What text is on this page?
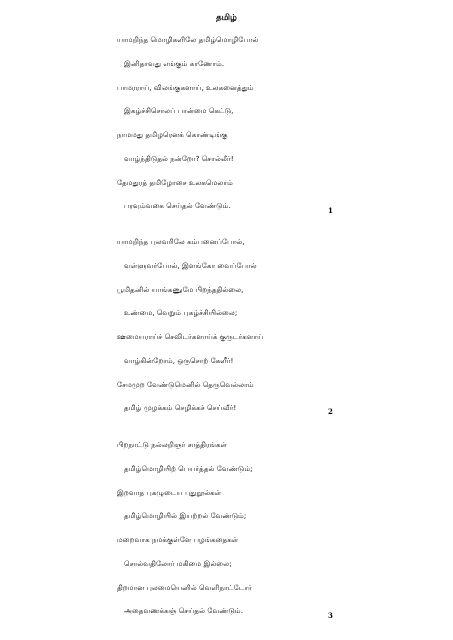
தமிழ்
யாமறிந்த மொழிகளிலே தமிழ்மொழிபோல்
இனிதாவது எங்கும் காணோம்.
பாமரராய், விலங்குகளாய், உலகனைத்தும்
இகழ்ச்சிசொலப் பான்மை கெட்டு,
நாமமது தமிழரெனக் கொண்டிங்கு
வாழ்ந்திடுதல் நன்றோ? சொல்லீர்!
தேமதுரத் தமிழோசை உலகமெலாம்
பரவும்வகை செய்தல் வேண்டும்.
1
யாமறிந்த புலவரிலே கம்பனைப்போல்,
வள்ளுவர்போல், இளங்கோ வைப்போல்
பூமிதனில் யாங்கணுமே பிறந்ததில்லை,
உண்மை, வெறும் புகழ்ச்சியில்லை;
ஊமையராய்ச் செவிடர்களாய்க் குருடர்களாய்
வாழ்கின்றோம், ஒருசொற் கேளீர்!
சேமமுற வேண்டுமெனில் தெருவெல்லாம்
தமிழ் முழக்கம் செழிக்கச் செய்வீர்!	2
பிறநாட்டு நல்லறிஞர் சாத்திரங்கள்
தமிழ்மொழியிற் பெயர்த்தல் வேண்டும்;
இறவாத புகழுடைய புதுநூல்கள்
தமிழ்மொழியில் இயற்றல் வேண்டும்;
மறைவாக நமக்குள்ளே பழங்கதைகள்
சொல்வதிலோர் மகிமை இல்லை;
திறமான புலமையெனில் வெளிநாட்டோர்
அதைவணக்கஞ் செய்தல் வேண்டும்.
3
